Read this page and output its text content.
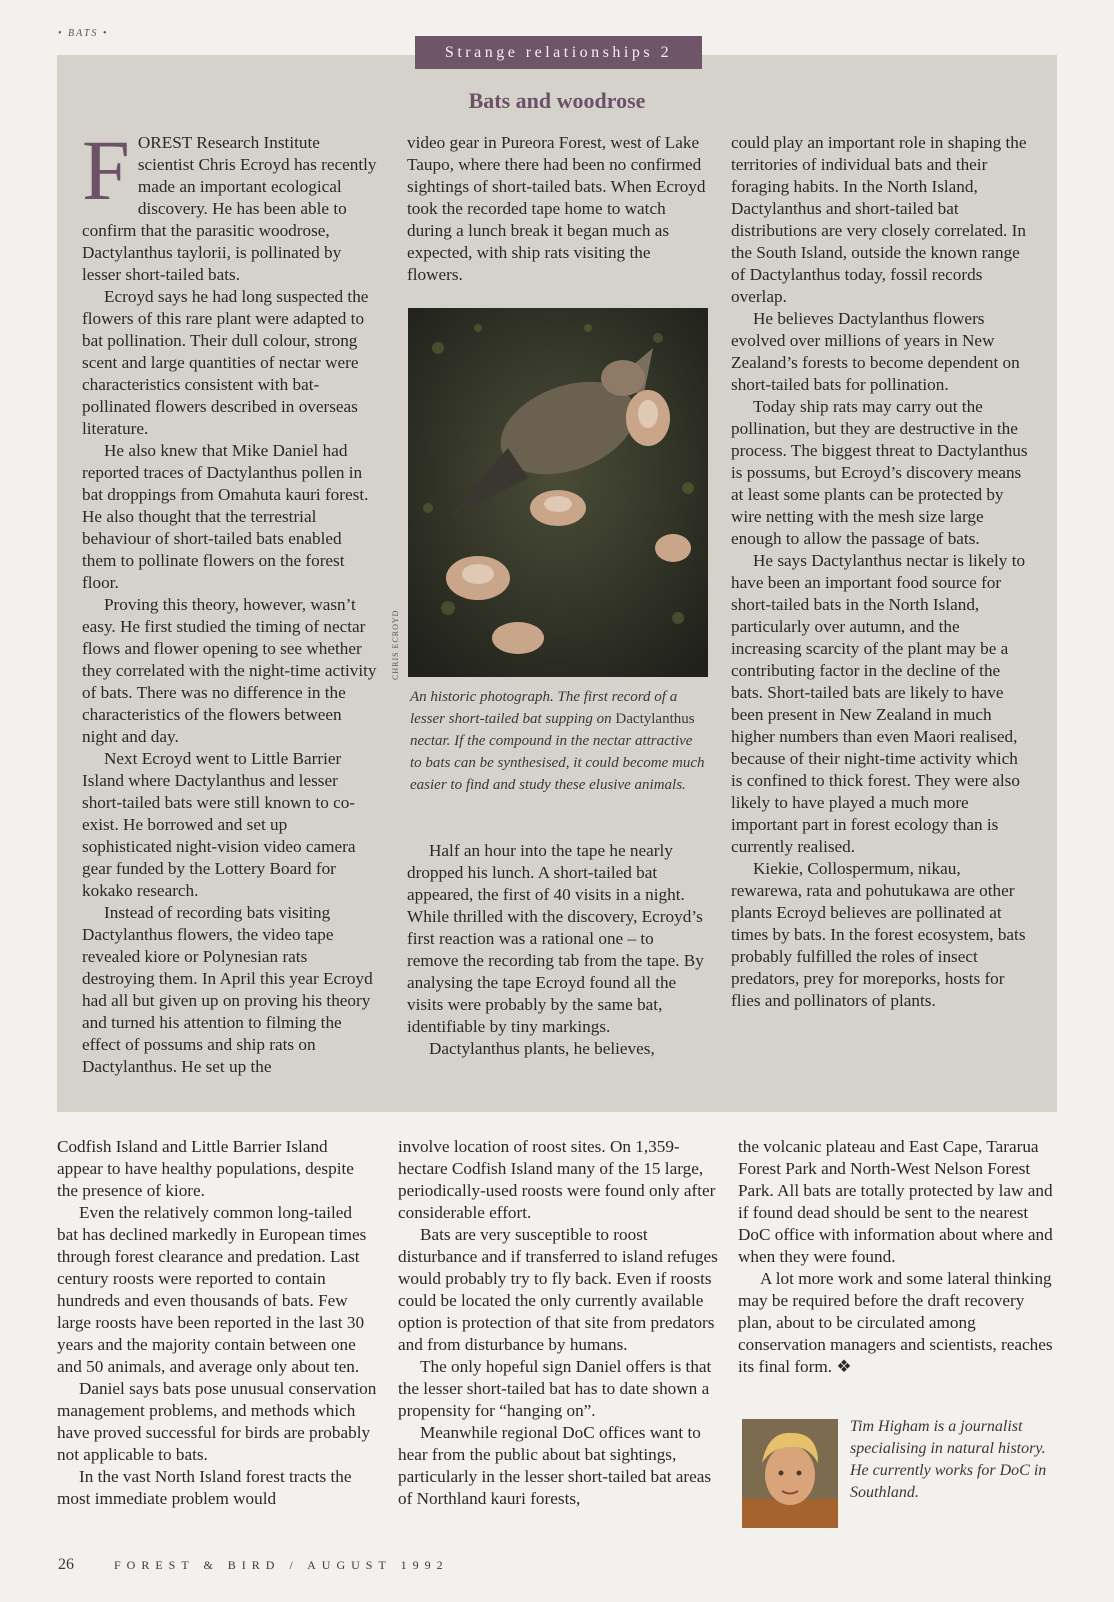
• BATS •
Strange relationships 2
Bats and woodrose
F OREST Research Institute scientist Chris Ecroyd has recently made an important ecological discovery. He has been able to confirm that the parasitic woodrose, Dactylanthus taylorii, is pollinated by lesser short-tailed bats.

Ecroyd says he had long suspected the flowers of this rare plant were adapted to bat pollination. Their dull colour, strong scent and large quantities of nectar were characteristics consistent with bat-pollinated flowers described in overseas literature.

He also knew that Mike Daniel had reported traces of Dactylanthus pollen in bat droppings from Omahuta kauri forest. He also thought that the terrestrial behaviour of short-tailed bats enabled them to pollinate flowers on the forest floor.

Proving this theory, however, wasn’t easy. He first studied the timing of nectar flows and flower opening to see whether they correlated with the night-time activity of bats. There was no difference in the characteristics of the flowers between night and day.

Next Ecroyd went to Little Barrier Island where Dactylanthus and lesser short-tailed bats were still known to co-exist. He borrowed and set up sophisticated night-vision video camera gear funded by the Lottery Board for kokako research.

Instead of recording bats visiting Dactylanthus flowers, the video tape revealed kiore or Polynesian rats destroying them. In April this year Ecroyd had all but given up on proving his theory and turned his attention to filming the effect of possums and ship rats on Dactylanthus. He set up the

video gear in Pureora Forest, west of Lake Taupo, where there had been no confirmed sightings of short-tailed bats. When Ecroyd took the recorded tape home to watch during a lunch break it began much as expected, with ship rats visiting the flowers.

CHRIS ECROYD
An historic photograph. The first record of a lesser short-tailed bat supping on Dactylanthus nectar. If the compound in the nectar attractive to bats can be synthesised, it could become much easier to find and study these elusive animals.

Half an hour into the tape he nearly dropped his lunch. A short-tailed bat appeared, the first of 40 visits in a night. While thrilled with the discovery, Ecroyd’s first reaction was a rational one – to remove the recording tab from the tape. By analysing the tape Ecroyd found all the visits were probably by the same bat, identifiable by tiny markings.

Dactylanthus plants, he believes,

could play an important role in shaping the territories of individual bats and their foraging habits. In the North Island, Dactylanthus and short-tailed bat distributions are very closely correlated. In the South Island, outside the known range of Dactylanthus today, fossil records overlap.

He believes Dactylanthus flowers evolved over millions of years in New Zealand’s forests to become dependent on short-tailed bats for pollination.

Today ship rats may carry out the pollination, but they are destructive in the process. The biggest threat to Dactylanthus is possums, but Ecroyd’s discovery means at least some plants can be protected by wire netting with the mesh size large enough to allow the passage of bats.

He says Dactylanthus nectar is likely to have been an important food source for short-tailed bats in the North Island, particularly over autumn, and the increasing scarcity of the plant may be a contributing factor in the decline of the bats. Short-tailed bats are likely to have been present in New Zealand in much higher numbers than even Maori realised, because of their night-time activity which is confined to thick forest. They were also likely to have played a much more important part in forest ecology than is currently realised.

Kiekie, Collospermum, nikau, rewarewa, rata and pohutukawa are other plants Ecroyd believes are pollinated at times by bats. In the forest ecosystem, bats probably fulfilled the roles of insect predators, prey for moreporks, hosts for flies and pollinators of plants.

Codfish Island and Little Barrier Island appear to have healthy populations, despite the presence of kiore.

Even the relatively common long-tailed bat has declined markedly in European times through forest clearance and predation. Last century roosts were reported to contain hundreds and even thousands of bats. Few large roosts have been reported in the last 30 years and the majority contain between one and 50 animals, and average only about ten.

Daniel says bats pose unusual conservation management problems, and methods which have proved successful for birds are probably not applicable to bats.

In the vast North Island forest tracts the most immediate problem would

involve location of roost sites. On 1,359-hectare Codfish Island many of the 15 large, periodically-used roosts were found only after considerable effort.

Bats are very susceptible to roost disturbance and if transferred to island refuges would probably try to fly back. Even if roosts could be located the only currently available option is protection of that site from predators and from disturbance by humans.

The only hopeful sign Daniel offers is that the lesser short-tailed bat has to date shown a propensity for “hanging on”.

Meanwhile regional DoC offices want to hear from the public about bat sightings, particularly in the lesser short-tailed bat areas of Northland kauri forests,

the volcanic plateau and East Cape, Tararua Forest Park and North-West Nelson Forest Park. All bats are totally protected by law and if found dead should be sent to the nearest DoC office with information about where and when they were found.

A lot more work and some lateral thinking may be required before the draft recovery plan, about to be circulated among conservation managers and scientists, reaches its final form. ❖

Tim Higham is a journalist specialising in natural history. He currently works for DoC in Southland.
26	FOREST & BIRD / AUGUST 1992
